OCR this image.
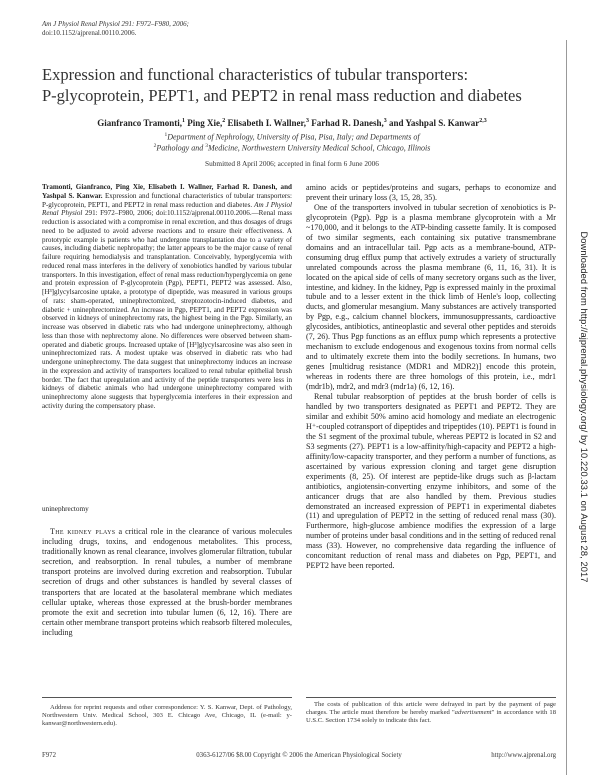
Am J Physiol Renal Physiol 291: F972–F980, 2006;
doi:10.1152/ajprenal.00110.2006.
Downloaded from http://ajprenal.physiology.org/ by 10.220.33.1 on August 28, 2017
Expression and functional characteristics of tubular transporters:
P-glycoprotein, PEPT1, and PEPT2 in renal mass reduction and diabetes
Gianfranco Tramonti,$^1$ Ping Xie,$^2$ Elisabeth I. Wallner,$^3$ Farhad R. Danesh,$^3$ and Yashpal S. Kanwar$^{2,3}$
$^1$Department of Nephrology, University of Pisa, Pisa, Italy; and Departments of
$^2$Pathology and $^3$Medicine, Northwestern University Medical School, Chicago, Illinois
Submitted 8 April 2006; accepted in final form 6 June 2006
Tramonti, Gianfranco, Ping Xie, Elisabeth I. Wallner, Farhad R. Danesh, and Yashpal S. Kanwar. Expression and functional characteristics of tubular transporters: P-glycoprotein, PEPT1, and PEPT2 in renal mass reduction and diabetes. Am J Physiol Renal Physiol 291: F972–F980, 2006; doi:10.1152/ajprenal.00110.2006.—Renal mass reduction is associated with a compromise in renal excretion, and thus dosages of drugs need to be adjusted to avoid adverse reactions and to ensure their effectiveness. A prototypic example is patients who had undergone transplantation due to a variety of causes, including diabetic nephropathy; the latter appears to be the major cause of renal failure requiring hemodialysis and transplantation. Conceivably, hyperglycemia with reduced renal mass interferes in the delivery of xenobiotics handled by various tubular transporters. In this investigation, effect of renal mass reduction/hyperglycemia on gene and protein expression of P-glycoprotein (Pgp), PEPT1, PEPT2 was assessed. Also, [H³]glycylsarcosine uptake, a prototype of dipeptide, was measured in various groups of rats: sham-operated, uninephrectomized, streptozotocin-induced diabetes, and diabetic + uninephrectomized. An increase in Pgp, PEPT1, and PEPT2 expression was observed in kidneys of uninephrectomy rats, the highest being in the Pgp. Similarly, an increase was observed in diabetic rats who had undergone uninephrectomy, although less than those with nephrectomy alone. No differences were observed between sham-operated and diabetic groups. Increased uptake of [H³]glycylsarcosine was also seen in uninephrectomized rats. A modest uptake was observed in diabetic rats who had undergone uninephrectomy. The data suggest that uninephrectomy induces an increase in the expression and activity of transporters localized to renal tubular epithelial brush border. The fact that upregulation and activity of the peptide transporters were less in kidneys of diabetic animals who had undergone uninephrectomy compared with uninephrectomy alone suggests that hyperglycemia interferes in their expression and activity during the compensatory phase.
uninephrectomy
The kidney plays a critical role in the clearance of various molecules including drugs, toxins, and endogenous metabolites. This process, traditionally known as renal clearance, involves glomerular filtration, tubular secretion, and reabsorption. In renal tubules, a number of membrane transport proteins are involved during excretion and reabsorption. Tubular secretion of drugs and other substances is handled by several classes of transporters that are located at the basolateral membrane which mediates cellular uptake, whereas those expressed at the brush-border membranes promote the exit and secretion into tubular lumen (6, 12, 16). There are certain other membrane transport proteins which reabsorb filtered molecules, including

amino acids or peptides/proteins and sugars, perhaps to economize and prevent their urinary loss (3, 15, 28, 35).

One of the transporters involved in tubular secretion of xenobiotics is P-glycoprotein (Pgp). Pgp is a plasma membrane glycoprotein with a Mr ~170,000, and it belongs to the ATP-binding cassette family. It is composed of two similar segments, each containing six putative transmembrane domains and an intracellular tail. Pgp acts as a membrane-bound, ATP-consuming drug efflux pump that actively extrudes a variety of structurally unrelated compounds across the plasma membrane (6, 11, 16, 31). It is located on the apical side of cells of many secretory organs such as the liver, intestine, and kidney. In the kidney, Pgp is expressed mainly in the proximal tubule and to a lesser extent in the thick limb of Henle's loop, collecting ducts, and glomerular mesangium. Many substances are actively transported by Pgp, e.g., calcium channel blockers, immunosuppressants, cardioactive glycosides, antibiotics, antineoplastic and several other peptides and steroids (7, 26). Thus Pgp functions as an efflux pump which represents a protective mechanism to exclude endogenous and exogenous toxins from normal cells and to ultimately excrete them into the bodily secretions. In humans, two genes [multidrug resistance (MDR1 and MDR2)] encode this protein, whereas in rodents there are three homologs of this protein, i.e., mdr1 (mdr1b), mdr2, and mdr3 (mdr1a) (6, 12, 16).

Renal tubular reabsorption of peptides at the brush border of cells is handled by two transporters designated as PEPT1 and PEPT2. They are similar and exhibit 50% amino acid homology and mediate an electrogenic H⁺-coupled cotransport of dipeptides and tripeptides (10). PEPT1 is found in the S1 segment of the proximal tubule, whereas PEPT2 is located in S2 and S3 segments (27). PEPT1 is a low-affinity/high-capacity and PEPT2 a high-affinity/low-capacity transporter, and they perform a number of functions, as ascertained by various expression cloning and target gene disruption experiments (8, 25). Of interest are peptide-like drugs such as β-lactam antibiotics, angiotensin-converting enzyme inhibitors, and some of the anticancer drugs that are also handled by them. Previous studies demonstrated an increased expression of PEPT1 in experimental diabetes (11) and upregulation of PEPT2 in the setting of reduced renal mass (30). Furthermore, high-glucose ambience modifies the expression of a large number of proteins under basal conditions and in the setting of reduced renal mass (33). However, no comprehensive data regarding the influence of concomitant reduction of renal mass and diabetes on Pgp, PEPT1, and PEPT2 have been reported.

Address for reprint requests and other correspondence: Y. S. Kanwar, Dept. of Pathology, Northwestern Univ. Medical School, 303 E. Chicago Ave, Chicago, IL (e-mail: y-kanwar@northwestern.edu).
The costs of publication of this article were defrayed in part by the payment of page charges. The article must therefore be hereby marked "advertisement" in accordance with 18 U.S.C. Section 1734 solely to indicate this fact.
F972	0363-6127/06 $8.00 Copyright © 2006 the American Physiological Society	http://www.ajprenal.org
